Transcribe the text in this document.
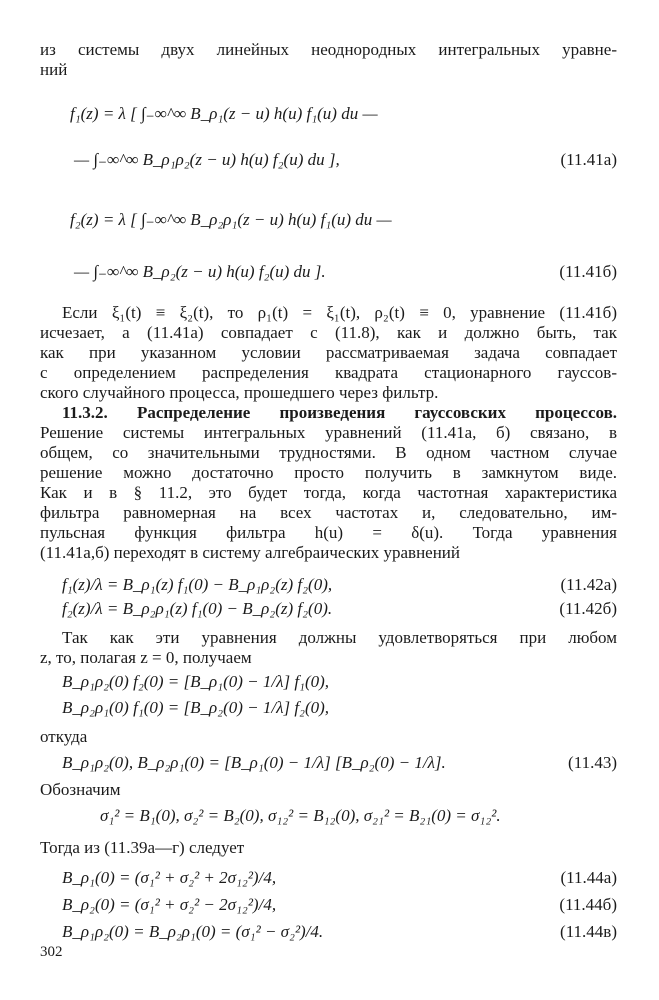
из системы двух линейных неоднородных интегральных уравне-
ний
f₁(z) = λ [ ∫₋∞^∞ B_ρ₁(z − u) h(u) f₁(u) du —
— ∫₋∞^∞ B_ρ₁ρ₂(z − u) h(u) f₂(u) du ],	(11.41а)
f₂(z) = λ [ ∫₋∞^∞ B_ρ₂ρ₁(z − u) h(u) f₁(u) du —
— ∫₋∞^∞ B_ρ₂(z − u) h(u) f₂(u) du ].	(11.41б)
Если ξ₁(t) ≡ ξ₂(t), то ρ₁(t) = ξ₁(t), ρ₂(t) ≡ 0, уравнение (11.41б)
исчезает, а (11.41а) совпадает с (11.8), как и должно быть, так
как при указанном условии рассматриваемая задача совпадает
с определением распределения квадрата стационарного гауссов-
ского случайного процесса, прошедшего через фильтр.
11.3.2. Распределение произведения гауссовских процессов.
Решение системы интегральных уравнений (11.41а, б) связано, в
общем, со значительными трудностями. В одном частном случае
решение можно достаточно просто получить в замкнутом виде.
Как и в § 11.2, это будет тогда, когда частотная характеристика
фильтра равномерная на всех частотах и, следовательно, им-
пульсная функция фильтра h(u) = δ(u). Тогда уравнения
(11.41а,б) переходят в систему алгебраических уравнений
f₁(z)/λ = B_ρ₁(z) f₁(0) − B_ρ₁ρ₂(z) f₂(0),	(11.42а)
f₂(z)/λ = B_ρ₂ρ₁(z) f₁(0) − B_ρ₂(z) f₂(0).	(11.42б)
Так как эти уравнения должны удовлетворяться при любом
z, то, полагая z = 0, получаем
B_ρ₁ρ₂(0) f₂(0) = [B_ρ₁(0) − 1/λ] f₁(0),
B_ρ₂ρ₁(0) f₁(0) = [B_ρ₂(0) − 1/λ] f₂(0),
откуда
B_ρ₁ρ₂(0), B_ρ₂ρ₁(0) = [B_ρ₁(0) − 1/λ] [B_ρ₂(0) − 1/λ].	(11.43)
Обозначим
σ₁² = B₁(0), σ₂² = B₂(0), σ₁₂² = B₁₂(0), σ₂₁² = B₂₁(0) = σ₁₂².
Тогда из (11.39а—г) следует
B_ρ₁(0) = (σ₁² + σ₂² + 2σ₁₂²)/4,	(11.44а)
B_ρ₂(0) = (σ₁² + σ₂² − 2σ₁₂²)/4,	(11.44б)
B_ρ₁ρ₂(0) = B_ρ₂ρ₁(0) = (σ₁² − σ₂²)/4.	(11.44в)
302
